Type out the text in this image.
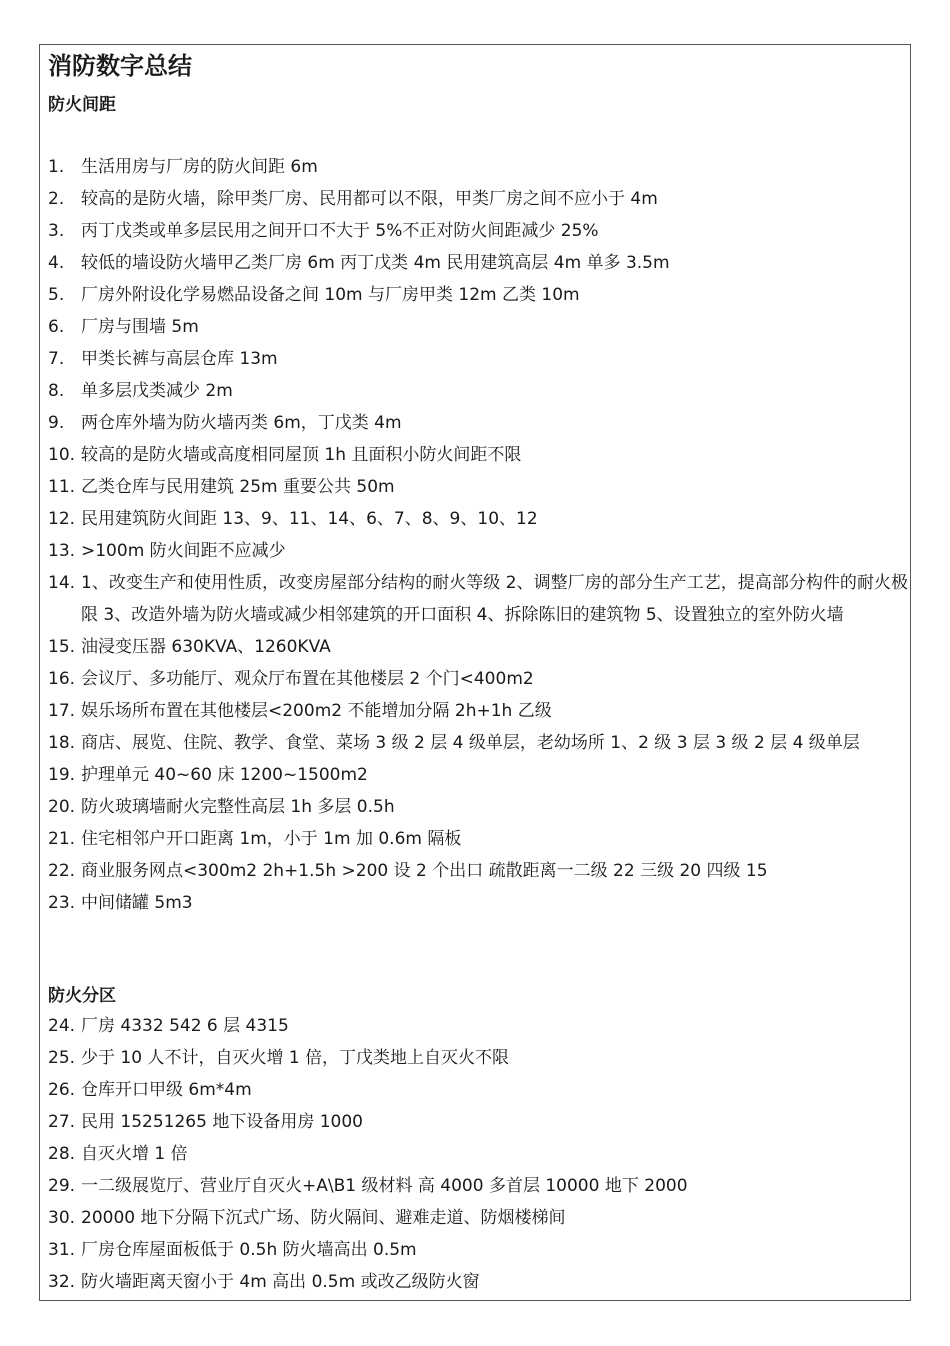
消防数字总结
防火间距
1. 生活用房与厂房的防火间距 6m
2. 较高的是防火墙，除甲类厂房、民用都可以不限，甲类厂房之间不应小于 4m
3. 丙丁戊类或单多层民用之间开口不大于 5%不正对防火间距减少 25%
4. 较低的墙设防火墙甲乙类厂房 6m 丙丁戊类 4m 民用建筑高层 4m 单多 3.5m
5. 厂房外附设化学易燃品设备之间 10m 与厂房甲类 12m 乙类 10m
6. 厂房与围墙 5m
7. 甲类长裤与高层仓库 13m
8. 单多层戊类减少 2m
9. 两仓库外墙为防火墙丙类 6m，丁戊类 4m
10. 较高的是防火墙或高度相同屋顶 1h 且面积小防火间距不限
11. 乙类仓库与民用建筑 25m 重要公共 50m
12. 民用建筑防火间距 13、9、11、14、6、7、8、9、10、12
13. >100m 防火间距不应减少
14. 1、改变生产和使用性质，改变房屋部分结构的耐火等级 2、调整厂房的部分生产工艺，提高部分构件的耐火极限 3、改造外墙为防火墙或减少相邻建筑的开口面积 4、拆除陈旧的建筑物 5、设置独立的室外防火墙
15. 油浸变压器 630KVA、1260KVA
16. 会议厅、多功能厅、观众厅布置在其他楼层 2 个门<400m2
17. 娱乐场所布置在其他楼层<200m2 不能增加分隔 2h+1h 乙级
18. 商店、展览、住院、教学、食堂、菜场 3 级 2 层 4 级单层，老幼场所 1、2 级 3 层 3 级 2 层 4 级单层
19. 护理单元 40~60 床 1200~1500m2
20. 防火玻璃墙耐火完整性高层 1h 多层 0.5h
21. 住宅相邻户开口距离 1m，小于 1m 加 0.6m 隔板
22. 商业服务网点<300m2 2h+1.5h >200 设 2 个出口 疏散距离一二级 22 三级 20 四级 15
23. 中间储罐 5m3
防火分区
24. 厂房 4332 542 6 层 4315
25. 少于 10 人不计，自灭火增 1 倍，丁戊类地上自灭火不限
26. 仓库开口甲级 6m*4m
27. 民用 15251265 地下设备用房 1000
28. 自灭火增 1 倍
29. 一二级展览厅、营业厅自灭火+A\B1 级材料 高 4000 多首层 10000 地下 2000
30. 20000 地下分隔下沉式广场、防火隔间、避难走道、防烟楼梯间
31. 厂房仓库屋面板低于 0.5h 防火墙高出 0.5m
32. 防火墙距离天窗小于 4m 高出 0.5m 或改乙级防火窗
